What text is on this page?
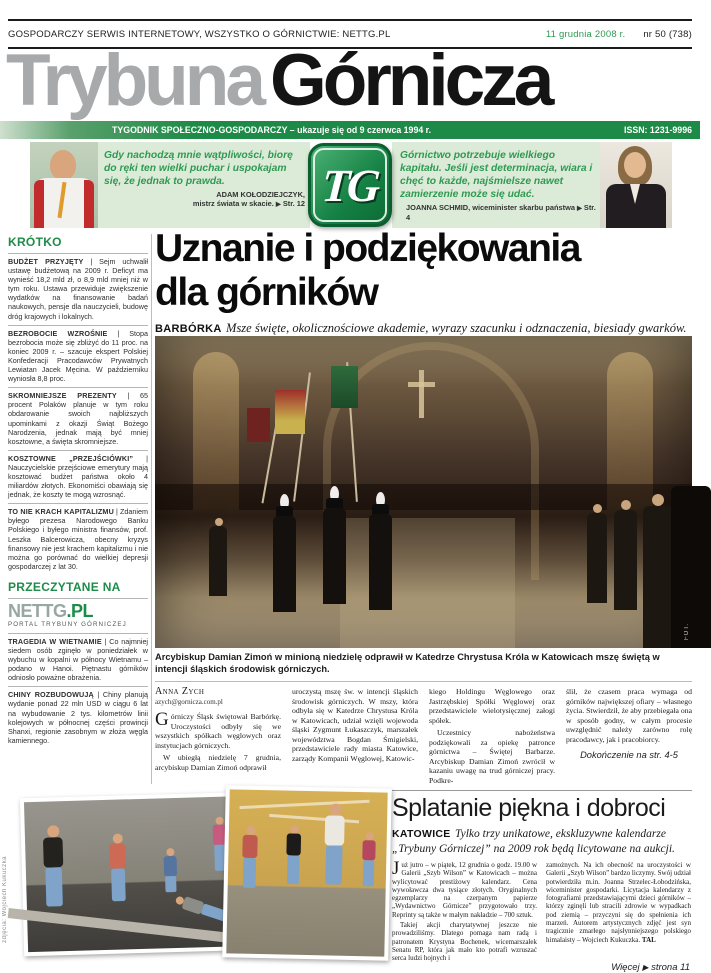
GOSPODARCZY SERWIS INTERNETOWY, WSZYSTKO O GÓRNICTWIE: NETTG.PL	11 grudnia 2008 r. nr 50 (738)
Trybuna Górnicza
TYGODNIK SPOŁECZNO-GOSPODARCZY – ukazuje się od 9 czerwca 1994 r.	ISSN: 1231-9996
Gdy nachodzą mnie wątpliwości, biorę do ręki ten wielki puchar i uspokajam się, że jednak to prawda.
ADAM KOŁODZIEJCZYK,
mistrz świata w skacie. ▶ Str. 12 TG
Górnictwo potrzebuje wielkiego kapitału. Jeśli jest determinacja, wiara i chęć to każde, najśmielsze nawet zamierzenie może się udać.
JOANNA SCHMID, wiceminister skarbu państwa ▶ Str. 4
KRÓTKO
BUDŻET PRZYJĘTY | Sejm uchwalił ustawę budżetową na 2009 r. Deficyt ma wynieść 18,2 mld zł, o 8,9 mld mniej niż w tym roku. Ustawa przewiduje zwiększenie wydatków na finansowanie badań naukowych, pensje dla nauczycieli, budowę dróg krajowych i lokalnych.
BEZROBOCIE WZROŚNIE | Stopa bezrobocia może się zbliżyć do 11 proc. na koniec 2009 r. – szacuje ekspert Polskiej Konfederacji Pracodawców Prywatnych Lewiatan Jacek Męcina. W październiku wyniosła 8,8 proc.
SKROMNIEJSZE PREZENTY | 65 procent Polaków planuje w tym roku obdarowanie swoich najbliższych upominkami z okazji Świąt Bożego Narodzenia, jednak mają być mniej kosztowne, a święta skromniejsze.
KOSZTOWNE „PRZEJŚCIÓWKI” | Nauczycielskie przejściowe emerytury mają kosztować budżet państwa około 4 miliardów złotych. Ekonomiści obawiają się jednak, że koszty te mogą wzrosnąć.
TO NIE KRACH KAPITALIZMU | Zdaniem byłego prezesa Narodowego Banku Polskiego i byłego ministra finansów, prof. Leszka Balcerowicza, obecny kryzys finansowy nie jest krachem kapitalizmu i nie można go porównać do wielkiej depresji gospodarczej z lat 30.
PRZECZYTANE NA
NETTG.PL
PORTAL TRYBUNY GÓRNICZEJ
TRAGEDIA W WIETNAMIE | Co najmniej siedem osób zginęło w poniedziałek w wybuchu w kopalni w północy Wietnamu – podano w Hanoi. Piętnastu górników odniosło poważne obrażenia.
CHINY ROZBUDOWUJĄ | Chiny planują wydanie ponad 22 mln USD w ciągu 6 lat na wybudowanie 2 tys. kilometrów linii kolejowych w północnej części prowincji Shanxi, regionie zasobnym w złoża węgla kamiennego.
Uznanie i podziękowania
dla górników
BARBÓRKA Msze święte, okolicznościowe akademie, wyrazy szacunku i odznaczenia, biesiady gwarków.
FOT.
Arcybiskup Damian Zimoń w minioną niedzielę odprawił w Katedrze Chrystusa Króla w Katowicach mszę świętą w intencji śląskich środowisk górniczych.
Anna Zych
azych@gornicza.com.pl

Górniczy Śląsk świętował Barbórkę. Uroczystości odbyły się we wszystkich spółkach węglowych oraz instytucjach górniczych.

W ubiegłą niedzielę 7 grudnia, arcybiskup Damian Zimoń odprawił

uroczystą mszę św. w intencji śląskich środowisk górniczych. W mszy, która odbyła się w Katedrze Chrystusa Króla w Katowicach, udział wzięli wojewoda śląski Zygmunt Łukaszczyk, marszałek województwa Bogdan Śmigielski, przedstawiciele rady miasta Katowice, zarządy Kompanii Węglowej, Katowic-

kiego Holdingu Węglowego oraz Jastrzębskiej Spółki Węglowej oraz przedstawiciele wielotysięcznej załogi spółek.

Uczestnicy nabożeństwa podziękowali za opiekę patronce górnictwa – Świętej Barbarze. Arcybiskup Damian Zimoń zwrócił w kazaniu uwagę na trud górniczej pracy. Podkre-

ślił, że czasem praca wymaga od górników największej ofiary – własnego życia. Stwierdził, że aby przebiegała ona w sposób godny, w całym procesie uwzględnić należy zarówno rolę pracodawcy, jak i pracobiorcy.

Dokończenie na str. 4-5
zdjęcia: Wojciech Kukuczka
Splatanie piękna i dobroci
KATOWICE Tylko trzy unikatowe, ekskluzywne kalendarze „Trybuny Górniczej” na 2009 rok będą licytowane na aukcji.

Już jutro – w piątek, 12 grudnia o godz. 19.00 w Galerii „Szyb Wilson” w Katowicach – można wylicytować prestiżowy kalendarz. Cena wywoławcza dwa tysiące złotych. Oryginalnych egzemplarzy na czerpanym papierze „Wydawnictwo Górnicze” przygotowało trzy. Reprinty są także w małym nakładzie – 700 sztuk.

Takiej akcji charytatywnej jeszcze nie prowadziliśmy. Dlatego pomaga nam radą i patronatem Krystyna Bochenek, wicemarszałek Senatu RP, która jak mało kto potrafi wzruszać serca ludzi hojnych i

zamożnych. Na ich obecność na uroczystości w Galerii „Szyb Wilson” bardzo liczymy. Swój udział potwierdziła m.in. Joanna Strzelec-Łobodzińska, wiceminister gospodarki. Licytacja kalendarzy z fotografiami przedstawiającymi dzieci górników – którzy zginęli lub stracili zdrowie w wypadkach pod ziemią – przyczyni się do spełnienia ich marzeń. Autorem artystycznych zdjęć jest syn tragicznie zmarłego najsłynniejszego polskiego himalaisty – Wojciech Kukuczka. TAL

Więcej ▶ strona 11
